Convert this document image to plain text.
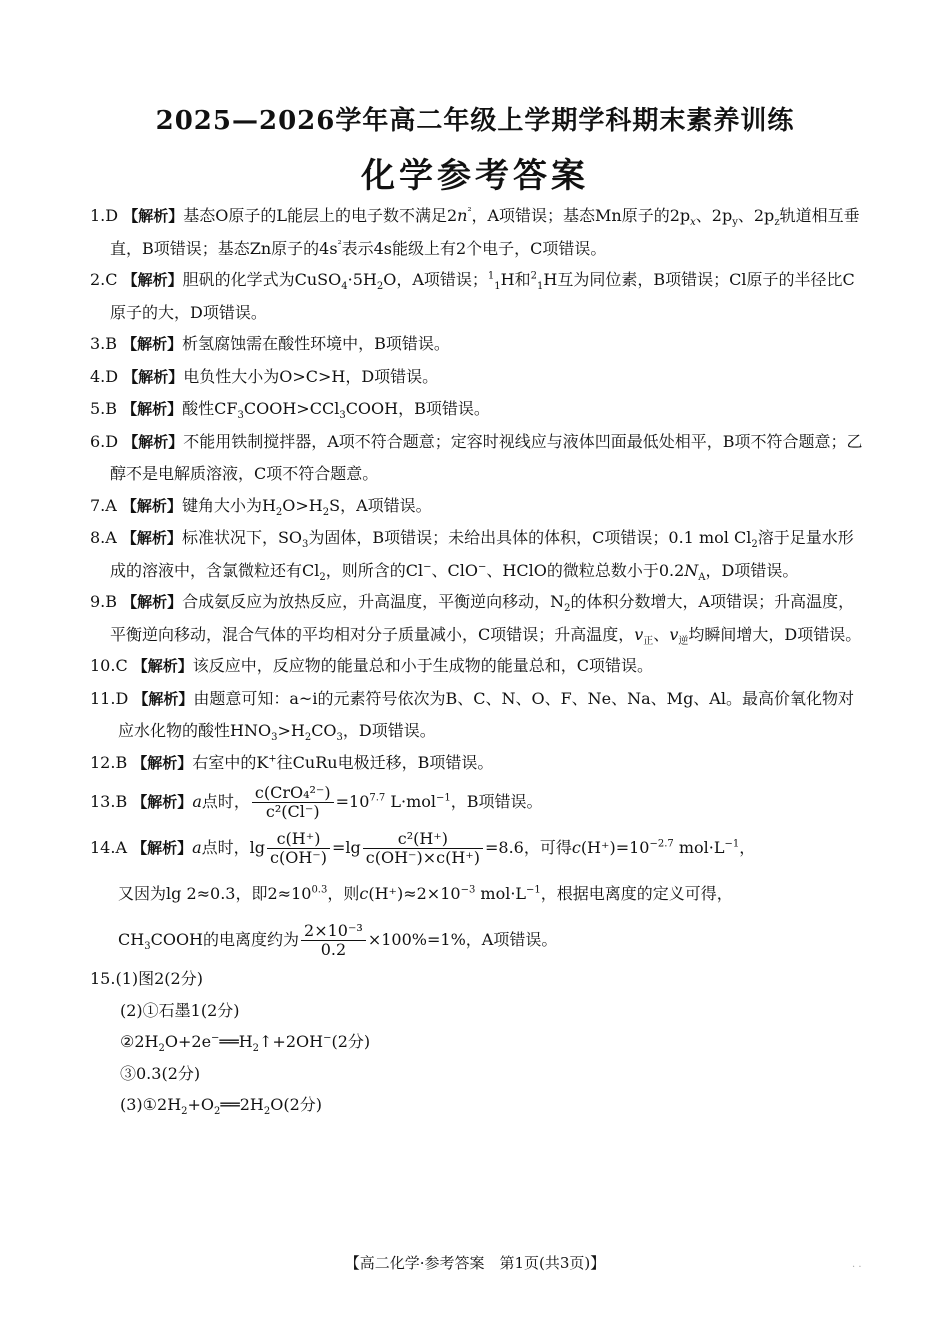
2025—2026学年高二年级上学期学科期末素养训练
化学参考答案
1.D 【解析】基态O原子的L能层上的电子数不满足$2n^{^2}$，A项错误；基态Mn原子的$2p_x$、$2p_y$、$2p_z$轨道相互垂直，B项错误；基态Zn原子的$4s^{^2}$表示4s能级上有2个电子，C项错误。
2.C 【解析】胆矾的化学式为$CuSO_4\cdot 5H_2O$，A项错误；$^1_1$H和$^2_1$H互为同位素，B项错误；Cl原子的半径比C原子的大，D项错误。
3.B 【解析】析氢腐蚀需在酸性环境中，B项错误。
4.D 【解析】电负性大小为O>C>H，D项错误。
5.B 【解析】酸性$CF_3COOH>CCl_3COOH$，B项错误。
6.D 【解析】不能用铁制搅拌器，A项不符合题意；定容时视线应与液体凹面最低处相平，B项不符合题意；乙醇不是电解质溶液，C项不符合题意。
7.A 【解析】键角大小为$H_2O>H_2S$，A项错误。
8.A 【解析】标准状况下，$SO_3$为固体，B项错误；未给出具体的体积，C项错误；0.1 mol $Cl_2$溶于足量水形成的溶液中，含氯微粒还有$Cl_2$，则所含的Cl−、ClO−、HClO的微粒总数小于$0.2N_A$，D项错误。
9.B 【解析】合成氨反应为放热反应，升高温度，平衡逆向移动，$N_2$的体积分数增大，A项错误；升高温度，平衡逆向移动，混合气体的平均相对分子质量减小，C项错误；升高温度，$v_正$、$v_逆$均瞬间增大，D项错误。
10.C 【解析】该反应中，反应物的能量总和小于生成物的能量总和，C项错误。
11.D 【解析】由题意可知：a~i的元素符号依次为B、C、N、O、F、Ne、Na、Mg、Al。最高价氧化物对应水化物的酸性$HNO_3>H_2CO_3$，D项错误。
12.B 【解析】右室中的K+往CuRu电极迁移，B项错误。
13.B 【解析】a点时， $\frac{\text{c(CrO₄²⁻)}}{\text{c²(Cl⁻)}} =10^{7.7}$ L·mol$^{-1}$，B项错误。
14.A 【解析】a点时，$\lg \frac{c(H^+)}{c(OH^-)} =\lg \frac{\text{c²(H⁺)}}{c(OH^-)\times c(H^+)} =8.6$，可得$c(H^+)=10^{-2.7}$ $mol\cdot L^{-1}$，
又因为lg 2≈0.3，即$2\approx 10^{0.3}$，则$c(H^+)\approx 2\times 10^{-3}$ $mol\cdot L^{-1}$，根据电离度的定义可得，
$CH_3COOH$的电离度约为 $\frac{\text{2×10⁻³}}{0.2} \times 100\%=1\%$，A项错误。
15.(1)图2(2分)
(2)①石墨1(2分)
$②2H_2O+2e^-══H_2↑+2OH^-(2$分)
③0.3(2分)
$(3)①2H_2+O_2══2H_2O(2$分)
【高二化学·参考答案　第1页(共3页)】	· ·
